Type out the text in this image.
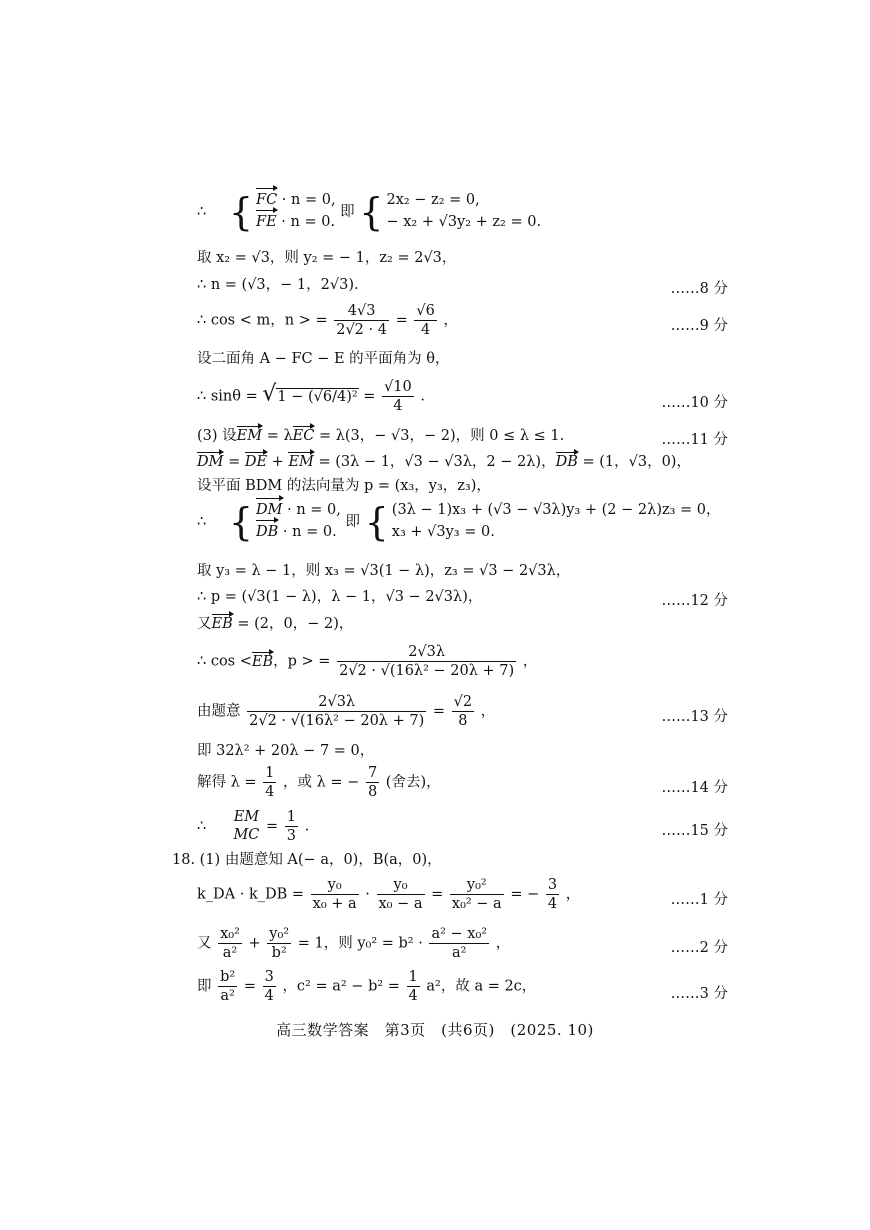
∴ { FC · n = 0,
FE · n = 0.
即 { 2x₂ − z₂ = 0,
− x₂ + √3y₂ + z₂ = 0.
取 x₂ = √3，则 y₂ = − 1，z₂ = 2√3，
∴ n = (√3，− 1，2√3).	……8 分
∴ cos < m，n > = $\frac{4√3}{2√2 \cdot 4} = \frac{√6}{4}$ ，	……9 分
设二面角 A − FC − E 的平面角为 θ，
∴ $\sin\theta = √1 - (√6/4)^2 = \frac{√10}{4}$ .	……10 分
(3) 设EM = λEC = λ(3，− √3，− 2)，则 0 ≤ λ ≤ 1.	……11 分
DM = DE + EM = (3λ − 1，√3 − √3λ，2 − 2λ)，DB = (1，√3，0)，
设平面 BDM 的法向量为 p = (x₃，y₃，z₃)，
∴ { DM · n = 0,
DB · n = 0.
即 { (3λ − 1)x₃ + (√3 − √3λ)y₃ + (2 − 2λ)z₃ = 0，
x₃ + √3y₃ = 0.
取 y₃ = λ − 1，则 x₃ = √3(1 − λ)，z₃ = √3 − 2√3λ，
∴ p = (√3(1 − λ)，λ − 1，√3 − 2√3λ)，	……12 分
又EB = (2，0，− 2)，
∴ cos <EB，p > = $\frac{2√3\lambda}{\text{2√2 · √(16λ² − 20λ + 7)}}$ ，
由题意 $\frac{2√3\lambda}{\text{2√2 · √(16λ² − 20λ + 7)}} = \frac{√2}{8}$ ，	……13 分
即 32λ² + 20λ − 7 = 0，
解得 $\lambda = \frac{1}{4}$ ，或 λ = − $\frac{7}{8}$ (舍去)，	……14 分
∴
EM
MC = $\frac{1}{3}$ .	……15 分
18. (1) 由题意知 A(− a，0)，B(a，0)，
k_DA · k_DB = $\frac{\text{y₀}}{\text{x₀ + a}} \cdot \frac{\text{y₀}}{\text{x₀ − a}} = \frac{\text{y₀²}}{\text{x₀² − a}}$ = − $\frac{3}{4}$ ，	……1 分
又 $\frac{\text{x₀²}}{\text{a²}} + \frac{\text{y₀²}}{\text{b²}} = 1$，则 $y_0^2 = b^2 \cdot \frac{\text{a² − x₀²}}{\text{a²}}$ ，	……2 分
即 $\frac{\text{b²}}{\text{a²}} = \frac{3}{4}$ ，$c^2 = a^2 - b^2 = \frac{1}{4} a^2$，故 a = 2c，	……3 分
高三数学答案　第3页　(共6页)　(2025. 10)
